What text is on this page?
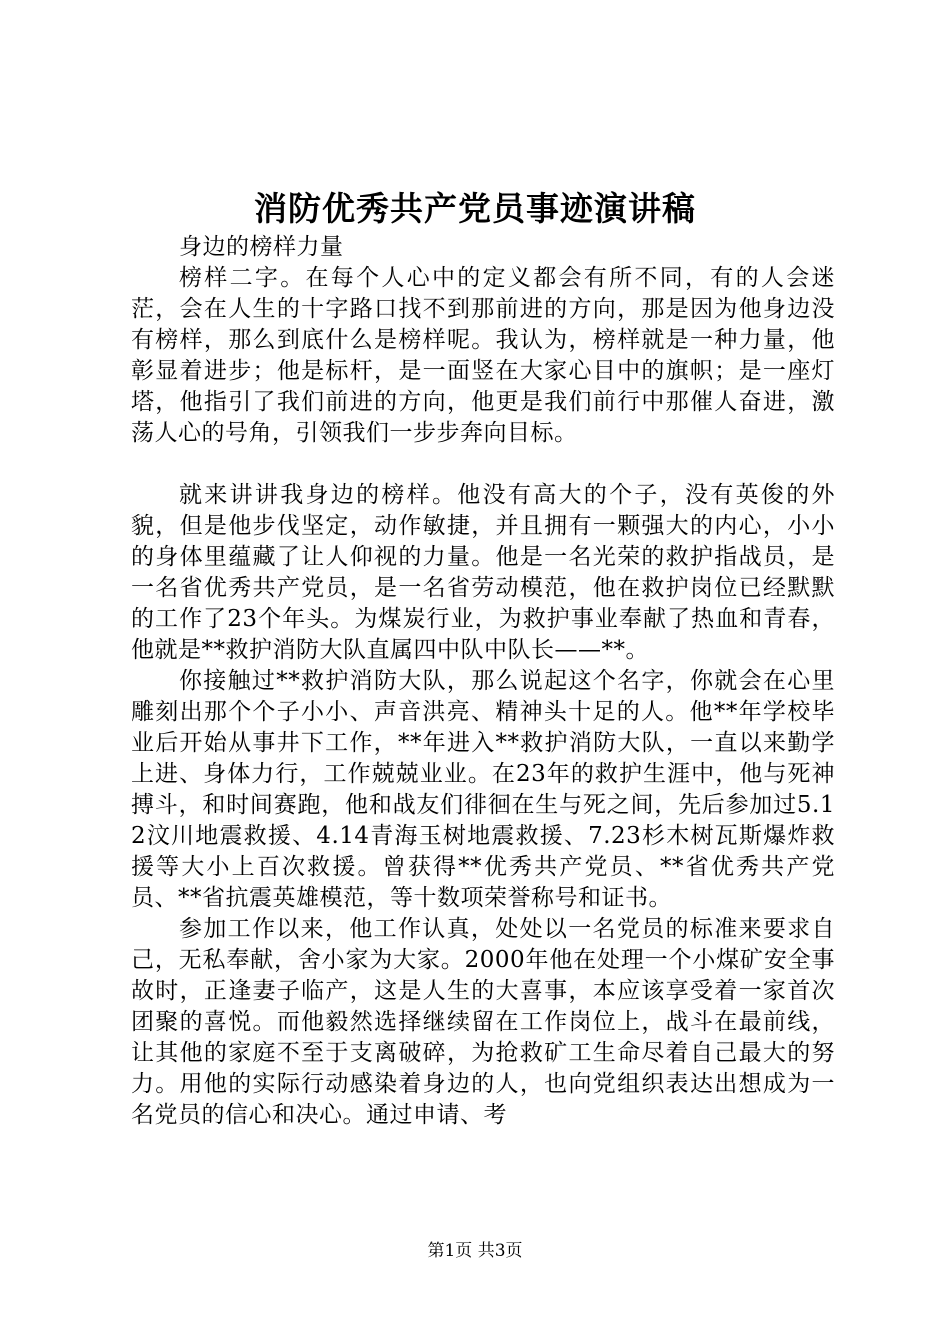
消防优秀共产党员事迹演讲稿

身边的榜样力量

榜样二字。在每个人心中的定义都会有所不同，有的人会迷茫，会在人生的十字路口找不到那前进的方向，那是因为他身边没有榜样，那么到底什么是榜样呢。我认为，榜样就是一种力量，他彰显着进步；他是标杆，是一面竖在大家心目中的旗帜；是一座灯塔，他指引了我们前进的方向，他更是我们前行中那催人奋进，激荡人心的号角，引领我们一步步奔向目标。

就来讲讲我身边的榜样。他没有高大的个子，没有英俊的外貌，但是他步伐坚定，动作敏捷，并且拥有一颗强大的内心，小小的身体里蕴藏了让人仰视的力量。他是一名光荣的救护指战员，是一名省优秀共产党员，是一名省劳动模范，他在救护岗位已经默默的工作了23个年头。为煤炭行业，为救护事业奉献了热血和青春，他就是**救护消防大队直属四中队中队长——**。

你接触过**救护消防大队，那么说起这个名字，你就会在心里雕刻出那个个子小小、声音洪亮、精神头十足的人。他**年学校毕业后开始从事井下工作，**年进入**救护消防大队，一直以来勤学上进、身体力行，工作兢兢业业。在23年的救护生涯中，他与死神搏斗，和时间赛跑，他和战友们徘徊在生与死之间，先后参加过5.12汶川地震救援、4.14青海玉树地震救援、7.23杉木树瓦斯爆炸救援等大小上百次救援。曾获得**优秀共产党员、**省优秀共产党员、**省抗震英雄模范，等十数项荣誉称号和证书。

参加工作以来，他工作认真，处处以一名党员的标准来要求自己，无私奉献，舍小家为大家。2000年他在处理一个小煤矿安全事故时，正逢妻子临产，这是人生的大喜事，本应该享受着一家首次团聚的喜悦。而他毅然选择继续留在工作岗位上，战斗在最前线，让其他的家庭不至于支离破碎，为抢救矿工生命尽着自己最大的努力。用他的实际行动感染着身边的人，也向党组织表达出想成为一名党员的信心和决心。通过申请、考

第1页 共3页
